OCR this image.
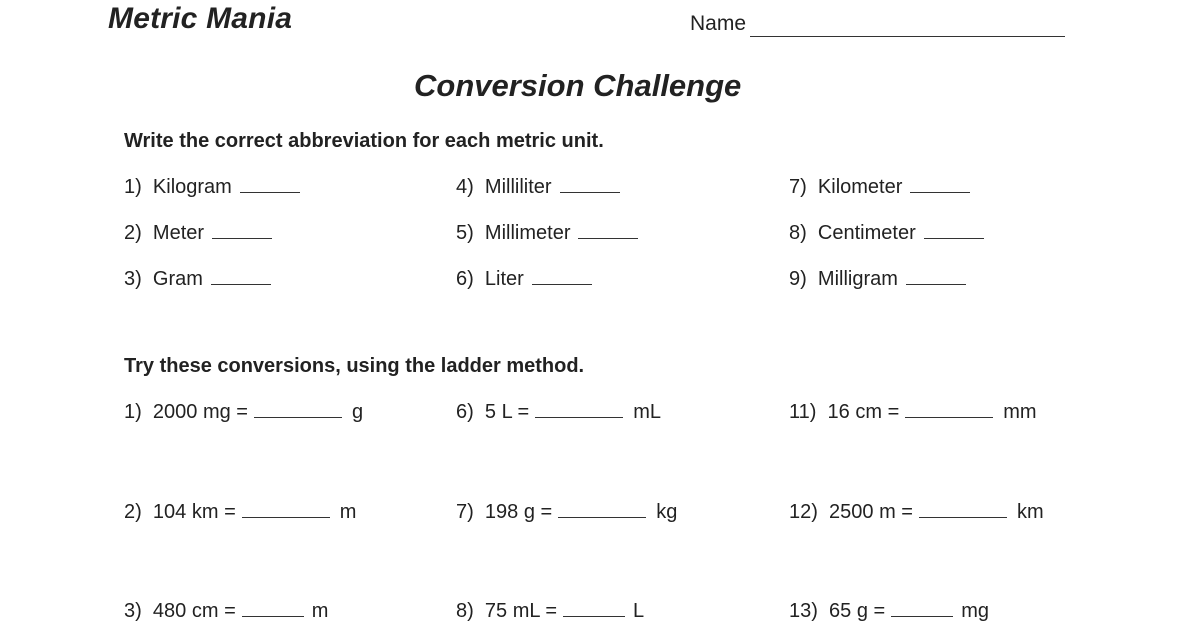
Metric Mania	Name
Conversion Challenge
Write the correct abbreviation for each metric unit.
1) Kilogram
2) Meter
3) Gram
4) Milliliter
5) Millimeter
6) Liter
7) Kilometer
8) Centimeter
9) Milligram
Try these conversions, using the ladder method.
1) 2000 mg =	g
2) 104 km =	m
3) 480 cm =	m
6) 5 L =	mL
7) 198 g =	kg
8) 75 mL =	L
11) 16 cm =	mm
12) 2500 m =	km
13) 65 g =	mg
